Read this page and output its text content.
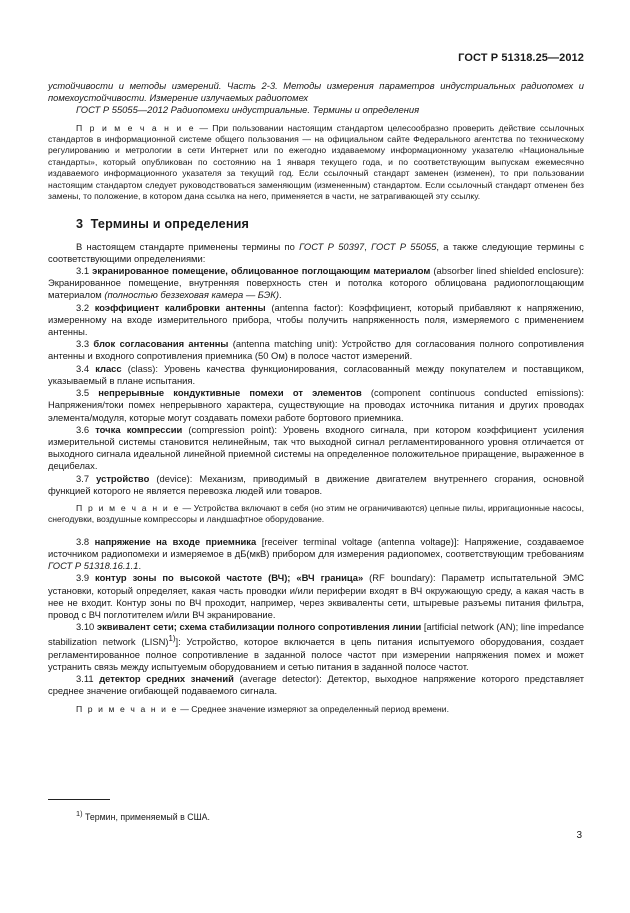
ГОСТ Р 51318.25—2012

устойчивости и методы измерений. Часть 2-3. Методы измерения параметров индустриальных радиопомех и помехоустойчивости. Измерение излучаемых радиопомех

ГОСТ Р 55055—2012 Радиопомехи индустриальные. Термины и определения

П р и м е ч а н и е — При пользовании настоящим стандартом целесообразно проверить действие ссылочных стандартов в информационной системе общего пользования — на официальном сайте Федерального агентства по техническому регулированию и метрологии в сети Интернет или по ежегодно издаваемому информационному указателю «Национальные стандарты», который опубликован по состоянию на 1 января текущего года, и по соответствующим выпускам ежемесячно издаваемого информационного указателя за текущий год. Если ссылочный стандарт заменен (изменен), то при пользовании настоящим стандартом следует руководствоваться заменяющим (измененным) стандартом. Если ссылочный стандарт отменен без замены, то положение, в котором дана ссылка на него, применяется в части, не затрагивающей эту ссылку.

3 Термины и определения

В настоящем стандарте применены термины по ГОСТ Р 50397, ГОСТ Р 55055, а также следующие термины с соответствующими определениями:

3.1 экранированное помещение, облицованное поглощающим материалом (absorber lined shielded enclosure): Экранированное помещение, внутренняя поверхность стен и потолка которого облицована радиопоглощающим материалом (полностью беззеховая камера — БЭК).

3.2 коэффициент калибровки антенны (antenna factor): Коэффициент, который прибавляют к напряжению, измеренному на входе измерительного прибора, чтобы получить напряженность поля, измеряемого с применением антенны.

3.3 блок согласования антенны (antenna matching unit): Устройство для согласования полного сопротивления антенны и входного сопротивления приемника (50 Ом) в полосе частот измерений.

3.4 класс (class): Уровень качества функционирования, согласованный между покупателем и поставщиком, указываемый в плане испытания.

3.5 непрерывные кондуктивные помехи от элементов (component continuous conducted emissions): Напряжения/токи помех непрерывного характера, существующие на проводах источника питания и других проводах элемента/модуля, которые могут создавать помехи работе бортового приемника.

3.6 точка компрессии (compression point): Уровень входного сигнала, при котором коэффициент усиления измерительной системы становится нелинейным, так что выходной сигнал регламентированного уровня отличается от выходного сигнала идеальной линейной приемной системы на определенное положительное приращение, выраженное в децибелах.

3.7 устройство (device): Механизм, приводимый в движение двигателем внутреннего сгорания, основной функцией которого не является перевозка людей или товаров.

П р и м е ч а н и е — Устройства включают в себя (но этим не ограничиваются) цепные пилы, ирригационные насосы, снегодувки, воздушные компрессоры и ландшафтное оборудование.

3.8 напряжение на входе приемника [receiver terminal voltage (antenna voltage)]: Напряжение, создаваемое источником радиопомехи и измеряемое в дБ(мкВ) прибором для измерения радиопомех, соответствующим требованиям ГОСТ Р 51318.16.1.1.

3.9 контур зоны по высокой частоте (ВЧ); «ВЧ граница» (RF boundary): Параметр испытательной ЭМС установки, который определяет, какая часть проводки и/или периферии входят в ВЧ окружающую среду, а какая часть в нее не входит. Контур зоны по ВЧ проходит, например, через эквиваленты сети, штыревые разъемы питания фильтра, провод с ВЧ поглотителем и/или ВЧ экранирование.

3.10 эквивалент сети; схема стабилизации полного сопротивления линии [artificial network (AN); line impedance stabilization network (LISN)$^{1)}$]: Устройство, которое включается в цепь питания испытуемого оборудования, создает регламентированное полное сопротивление в заданной полосе частот при измерении напряжения помех и может устранить связь между испытуемым оборудованием и сетью питания в заданной полосе частот.

3.11 детектор средних значений (average detector): Детектор, выходное напряжение которого представляет среднее значение огибающей подаваемого сигнала.

П р и м е ч а н и е — Среднее значение измеряют за определенный период времени.

$^{1)}$ Термин, применяемый в США.
3
